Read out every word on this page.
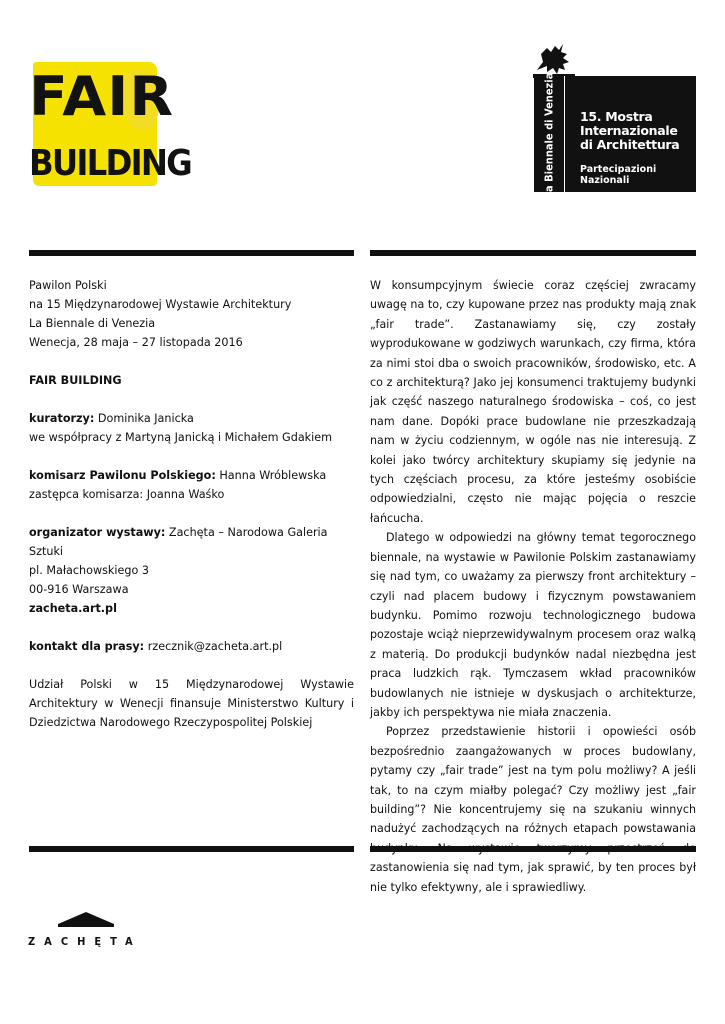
FAIR
BUILDING	la Biennale di Venezia 15. Mostra
Internazionale
di Architettura
Partecipazioni Nazionali
Pawilon Polski
na 15 Międzynarodowej Wystawie Architektury
La Biennale di Venezia
Wenecja, 28 maja – 27 listopada 2016
FAIR BUILDING
kuratorzy: Dominika Janicka
we współpracy z Martyną Janicką i Michałem Gdakiem
komisarz Pawilonu Polskiego: Hanna Wróblewska
zastępca komisarza: Joanna Waśko
organizator wystawy: Zachęta – Narodowa Galeria Sztuki
pl. Małachowskiego 3
00-916 Warszawa
zacheta.art.pl
kontakt dla prasy: rzecznik@zacheta.art.pl
Udział Polski w 15 Międzynarodowej Wystawie Architektury w Wenecji finansuje Ministerstwo Kultury i Dziedzictwa Narodowego Rzeczypospolitej Polskiej

W konsumpcyjnym świecie coraz częściej zwracamy uwagę na to, czy kupowane przez nas produkty mają znak „fair trade”. Zastanawiamy się, czy zostały wyprodukowane w godziwych warunkach, czy firma, która za nimi stoi dba o swoich pracowników, środowisko, etc. A co z architekturą? Jako jej konsumenci traktujemy budynki jak część naszego naturalnego środowiska – coś, co jest nam dane. Dopóki prace budowlane nie przeszkadzają nam w życiu codziennym, w ogóle nas nie interesują. Z kolei jako twórcy architektury skupiamy się jedynie na tych częściach procesu, za które jesteśmy osobiście odpowiedzialni, często nie mając pojęcia o reszcie łańcucha.

Dlatego w odpowiedzi na główny temat tegorocznego biennale, na wystawie w Pawilonie Polskim zastanawiamy się nad tym, co uważamy za pierwszy front architektury – czyli nad placem budowy i fizycznym powstawaniem budynku. Pomimo rozwoju technologicznego budowa pozostaje wciąż nieprzewidywalnym procesem oraz walką z materią. Do produkcji budynków nadal niezbędna jest praca ludzkich rąk. Tymczasem wkład pracowników budowlanych nie istnieje w dyskusjach o architekturze, jakby ich perspektywa nie miała znaczenia.

Poprzez przedstawienie historii i opowieści osób bezpośrednio zaangażowanych w proces budowlany, pytamy czy „fair trade” jest na tym polu możliwy? A jeśli tak, to na czym miałby polegać? Czy możliwy jest „fair building”? Nie koncentrujemy się na szukaniu winnych nadużyć zachodzących na różnych etapach powstawania zastanowienia się nad tym, jak sprawić, by ten proces był nie tylko efektywny, ale i sprawiedliwy.

ZACHĘTA
